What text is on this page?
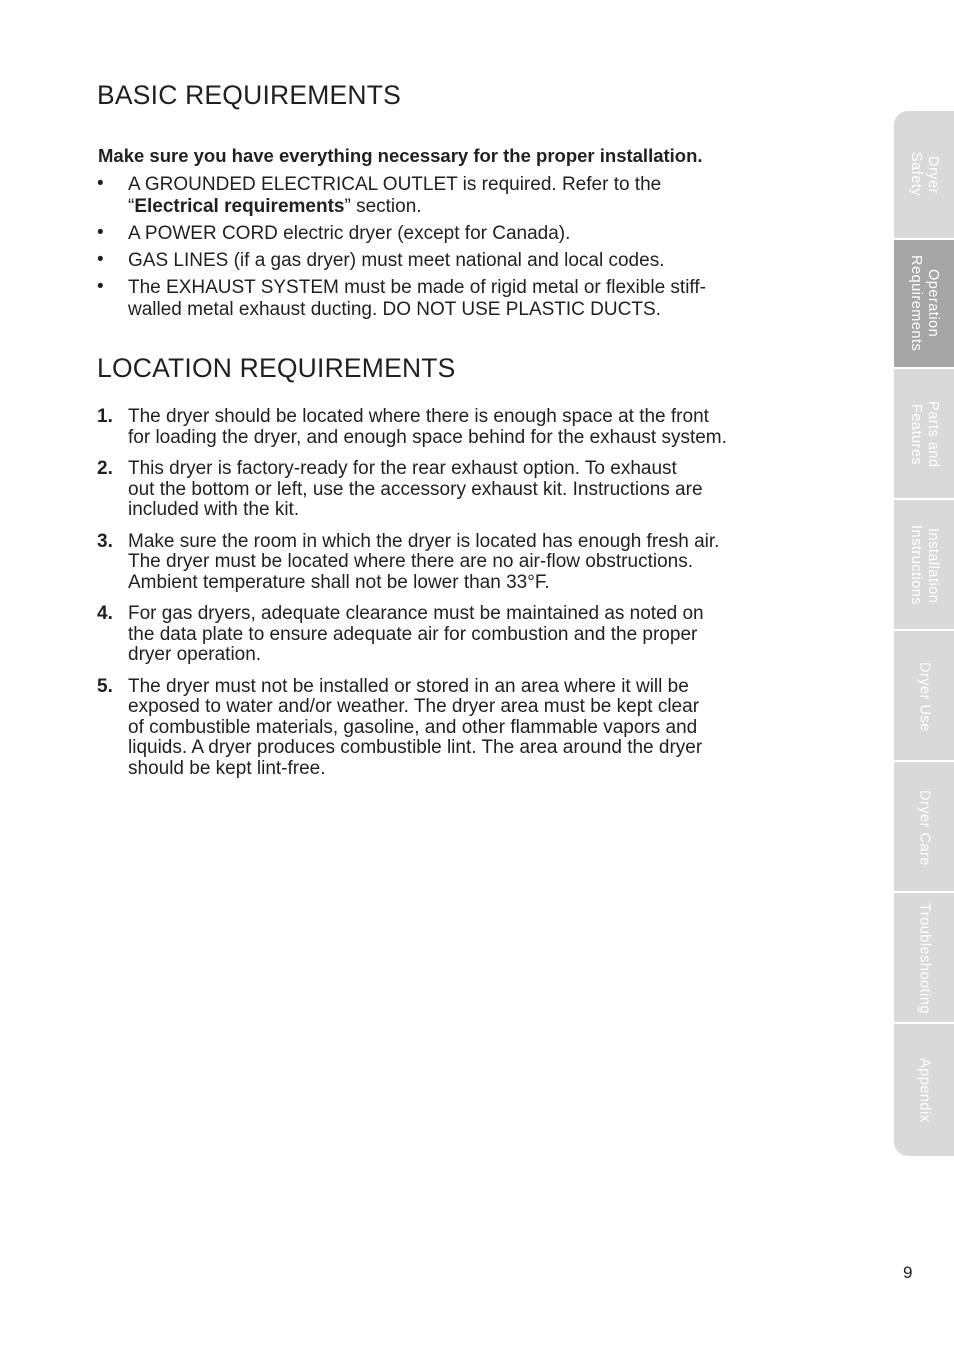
BASIC REQUIREMENTS

Make sure you have everything necessary for the proper installation.

• A GROUNDED ELECTRICAL OUTLET is required. Refer to the
“Electrical requirements” section.
• A POWER CORD electric dryer (except for Canada).
• GAS LINES (if a gas dryer) must meet national and local codes.
• The EXHAUST SYSTEM must be made of rigid metal or flexible stiff-
walled metal exhaust ducting. DO NOT USE PLASTIC DUCTS.
LOCATION REQUIREMENTS
1. The dryer should be located where there is enough space at the front
for loading the dryer, and enough space behind for the exhaust system.
2. This dryer is factory-ready for the rear exhaust option. To exhaust
out the bottom or left, use the accessory exhaust kit. Instructions are
included with the kit.
3. Make sure the room in which the dryer is located has enough fresh air.
The dryer must be located where there are no air-flow obstructions.
Ambient temperature shall not be lower than 33°F.
4. For gas dryers, adequate clearance must be maintained as noted on
the data plate to ensure adequate air for combustion and the proper
dryer operation.
5. The dryer must not be installed or stored in an area where it will be
exposed to water and/or weather. The dryer area must be kept clear
of combustible materials, gasoline, and other flammable vapors and
liquids. A dryer produces combustible lint. The area around the dryer
should be kept lint-free.
Dryer
Safety
Operation
Requirements
Parts and
Features
Installation
Instructions
Dryer Use
Dryer Care
Troubleshooting
Appendix
9
